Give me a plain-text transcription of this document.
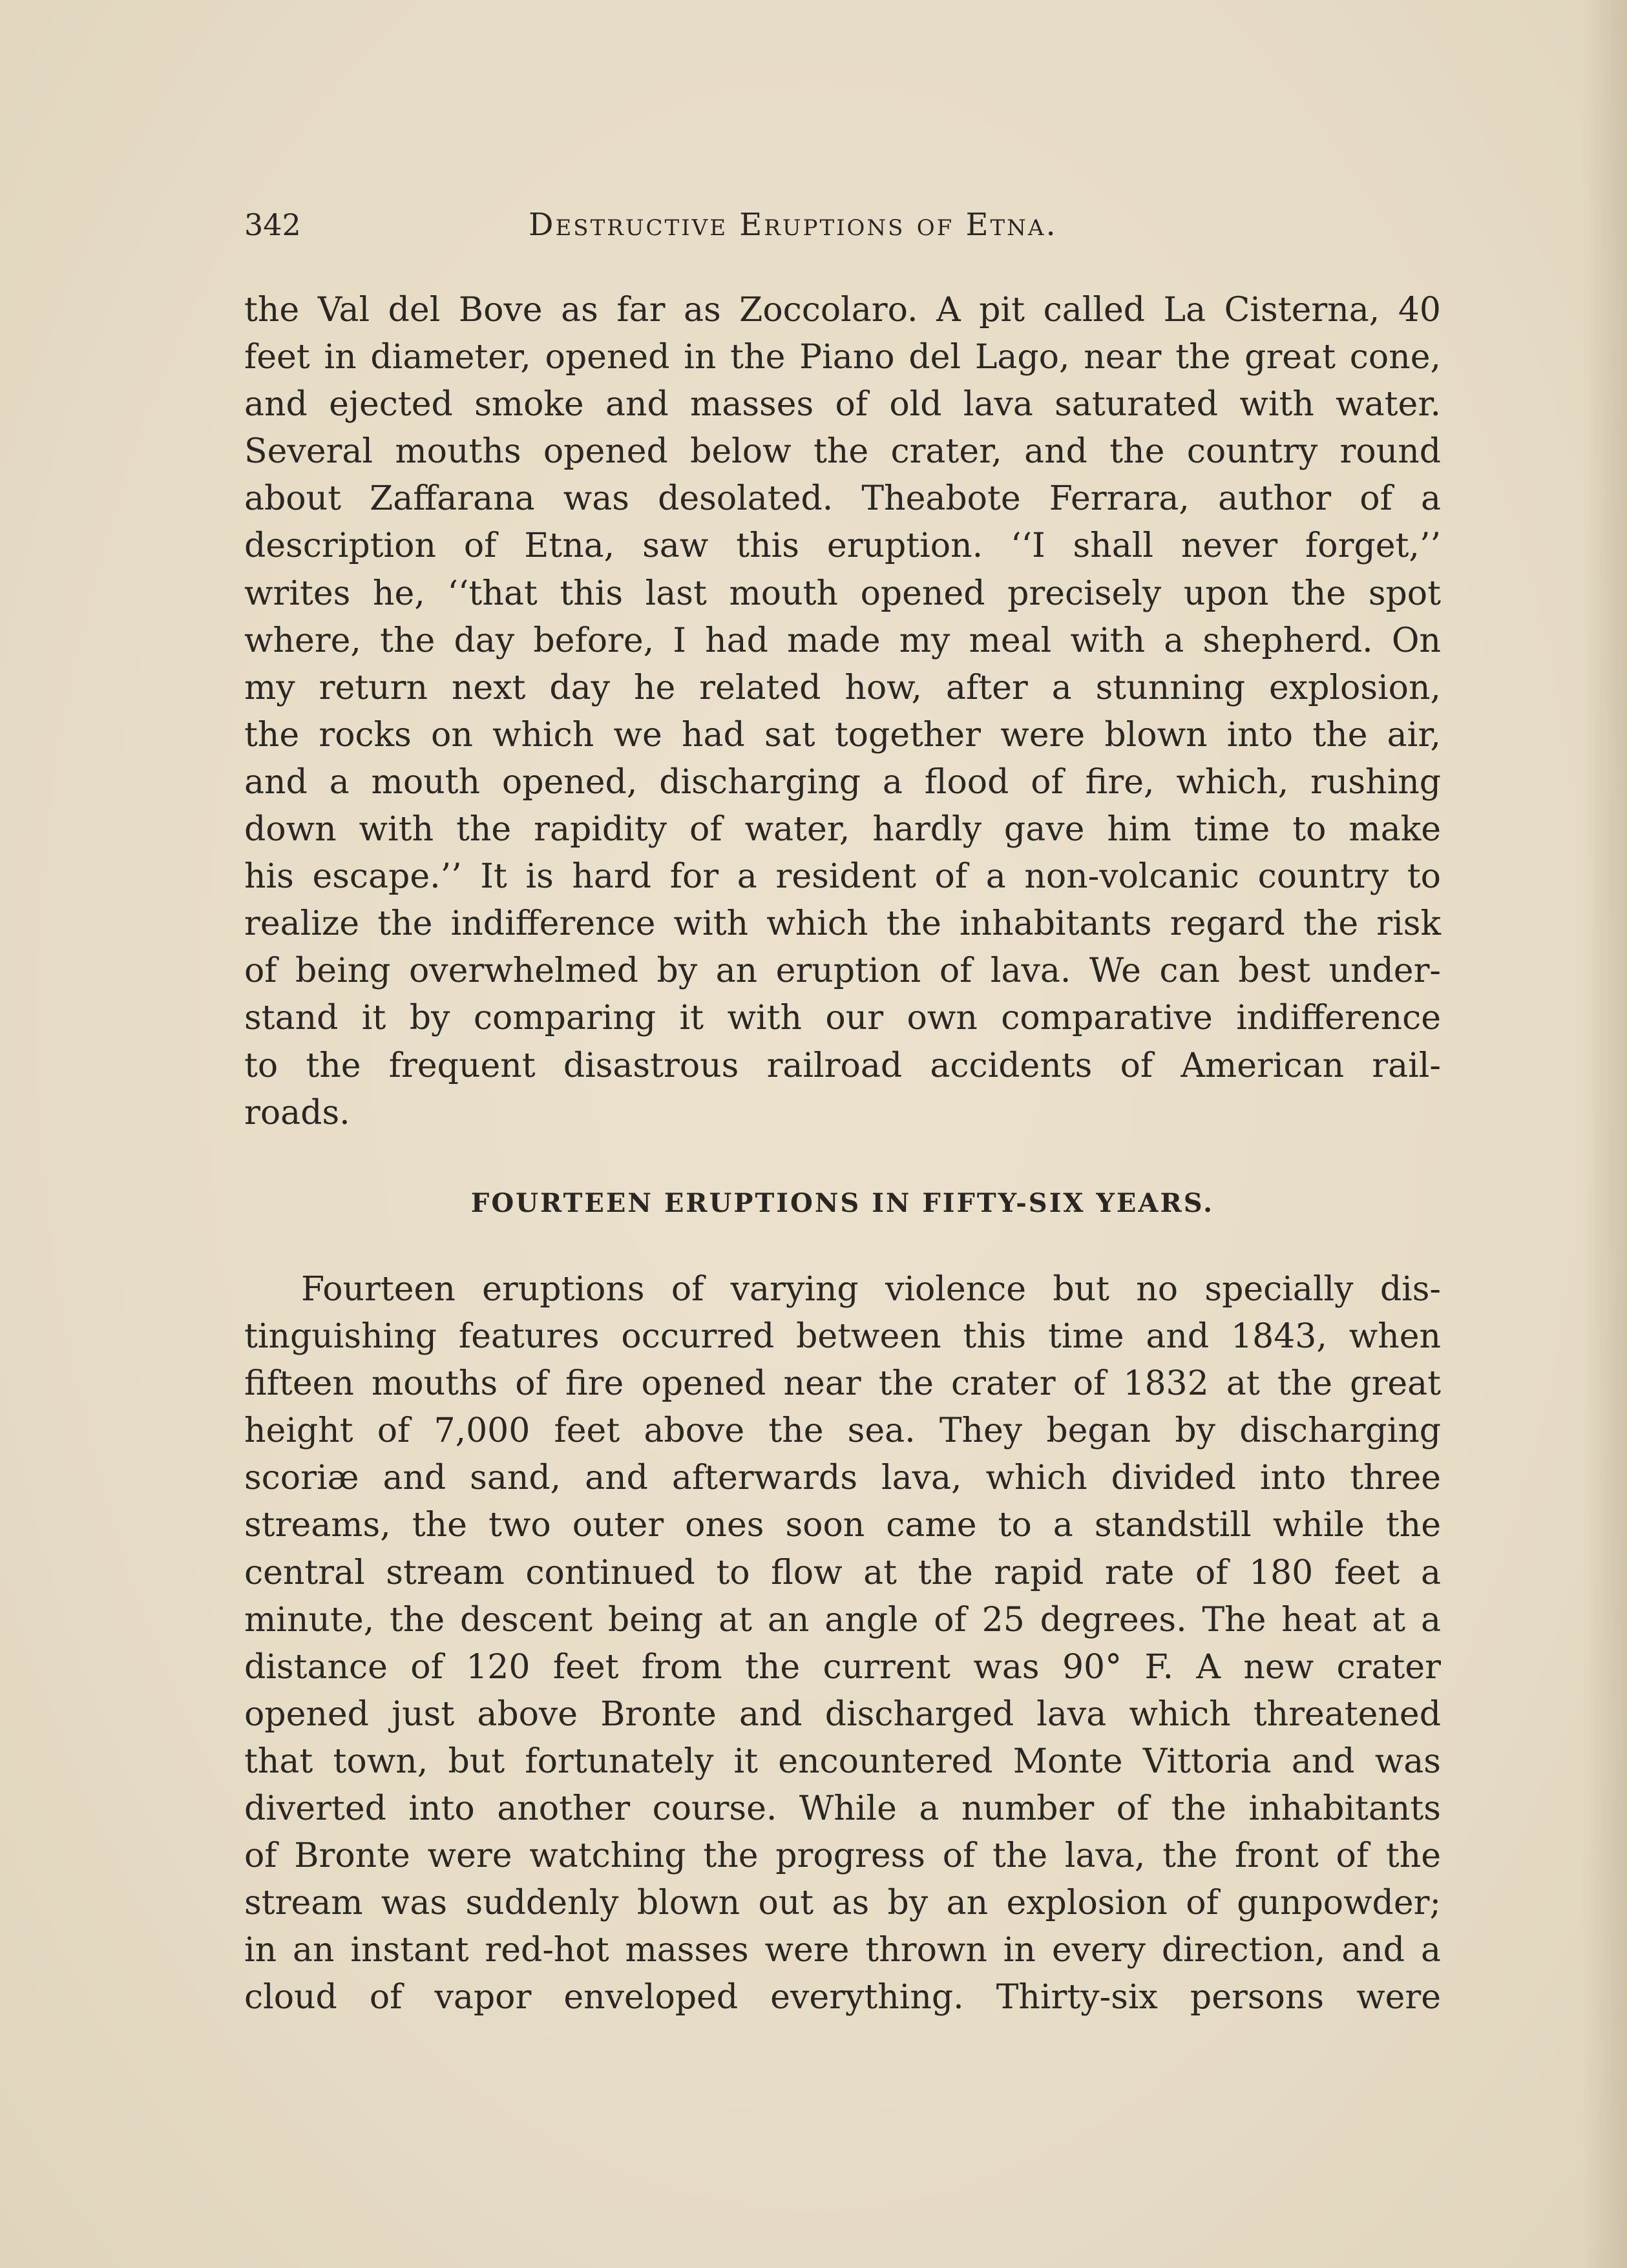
342	Destructive Eruptions of Etna.
the Val del Bove as far as Zoccolaro. A pit called La Cisterna, 40
feet in diameter, opened in the Piano del Lago, near the great cone,
and ejected smoke and masses of old lava saturated with water.
Several mouths opened below the crater, and the country round
about Zaffarana was desolated. Theabote Ferrara, author of a
description of Etna, saw this eruption. ‘‘I shall never forget,’’
writes he, ‘‘that this last mouth opened precisely upon the spot
where, the day before, I had made my meal with a shepherd. On
my return next day he related how, after a stunning explosion,
the rocks on which we had sat together were blown into the air,
and a mouth opened, discharging a flood of fire, which, rushing
down with the rapidity of water, hardly gave him time to make
his escape.’’ It is hard for a resident of a non-volcanic country to
realize the indifference with which the inhabitants regard the risk
of being overwhelmed by an eruption of lava. We can best under-
stand it by comparing it with our own comparative indifference
to the frequent disastrous railroad accidents of American rail-
roads.
FOURTEEN ERUPTIONS IN FIFTY-SIX YEARS.
Fourteen eruptions of varying violence but no specially dis-
tinguishing features occurred between this time and 1843, when
fifteen mouths of fire opened near the crater of 1832 at the great
height of 7,000 feet above the sea. They began by discharging
scoriæ and sand, and afterwards lava, which divided into three
streams, the two outer ones soon came to a standstill while the
central stream continued to flow at the rapid rate of 180 feet a
minute, the descent being at an angle of 25 degrees. The heat at a
distance of 120 feet from the current was 90° F. A new crater
opened just above Bronte and discharged lava which threatened
that town, but fortunately it encountered Monte Vittoria and was
diverted into another course. While a number of the inhabitants
of Bronte were watching the progress of the lava, the front of the
stream was suddenly blown out as by an explosion of gunpowder;
in an instant red-hot masses were thrown in every direction, and a
cloud of vapor enveloped everything. Thirty-six persons were
